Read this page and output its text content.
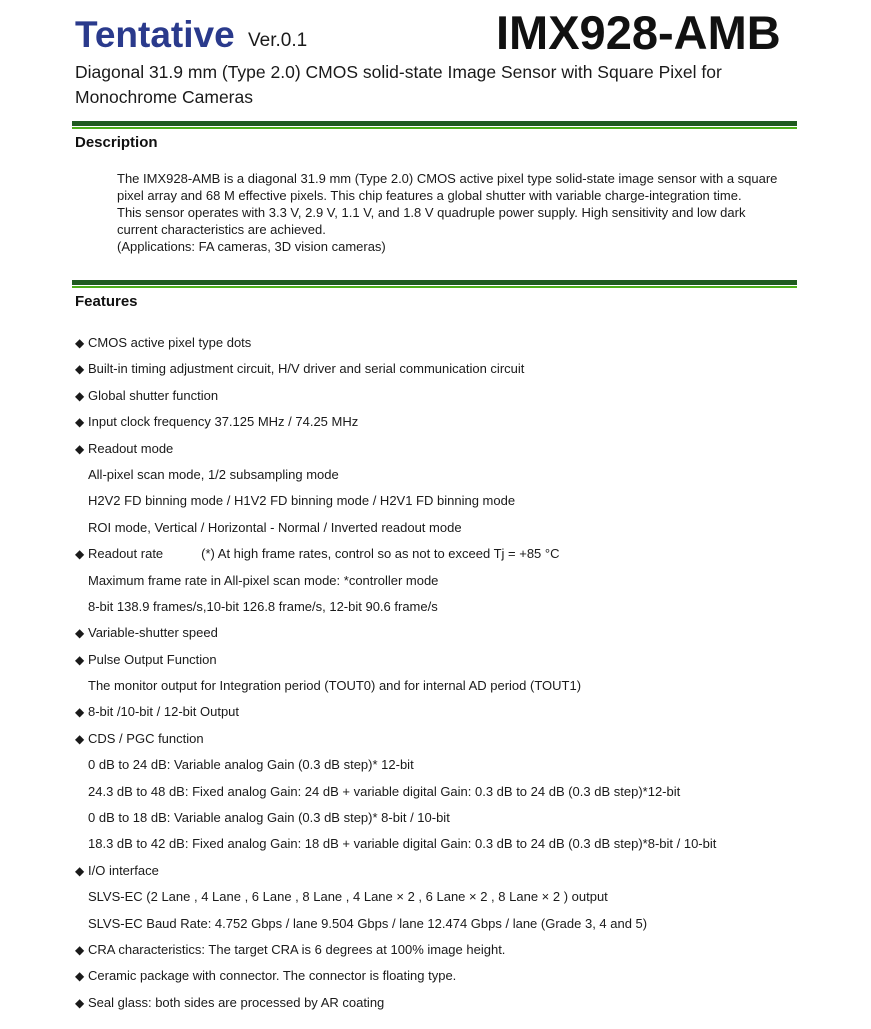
Tentative Ver.0.1	IMX928-AMB
Diagonal 31.9 mm (Type 2.0) CMOS solid-state Image Sensor with Square Pixel for
Monochrome Cameras
Description

The IMX928-AMB is a diagonal 31.9 mm (Type 2.0) CMOS active pixel type solid-state image sensor with a square

pixel array and 68 M effective pixels. This chip features a global shutter with variable charge-integration time.

This sensor operates with 3.3 V, 2.9 V, 1.1 V, and 1.8 V quadruple power supply. High sensitivity and low dark

current characteristics are achieved.

(Applications: FA cameras, 3D vision cameras)

Features
◆ CMOS active pixel type dots
◆ Built-in timing adjustment circuit, H/V driver and serial communication circuit
◆ Global shutter function
◆ Input clock frequency 37.125 MHz / 74.25 MHz
◆ Readout mode
All-pixel scan mode, 1/2 subsampling mode
H2V2 FD binning mode / H1V2 FD binning mode / H2V1 FD binning mode
ROI mode, Vertical / Horizontal - Normal / Inverted readout mode
◆ Readout rate	(*) At high frame rates, control so as not to exceed Tj = +85 °C
Maximum frame rate in All-pixel scan mode: *controller mode
8-bit 138.9 frames/s,10-bit 126.8 frame/s, 12-bit 90.6 frame/s
◆ Variable-shutter speed
◆ Pulse Output Function
The monitor output for Integration period (TOUT0) and for internal AD period (TOUT1)
◆ 8-bit /10-bit / 12-bit Output
◆ CDS / PGC function
0 dB to 24 dB: Variable analog Gain (0.3 dB step)* 12-bit
24.3 dB to 48 dB: Fixed analog Gain: 24 dB + variable digital Gain: 0.3 dB to 24 dB (0.3 dB step)*12-bit
0 dB to 18 dB: Variable analog Gain (0.3 dB step)* 8-bit / 10-bit
18.3 dB to 42 dB: Fixed analog Gain: 18 dB + variable digital Gain: 0.3 dB to 24 dB (0.3 dB step)*8-bit / 10-bit
◆ I/O interface
SLVS-EC (2 Lane , 4 Lane , 6 Lane , 8 Lane , 4 Lane × 2 , 6 Lane × 2 , 8 Lane × 2 ) output
SLVS-EC Baud Rate: 4.752 Gbps / lane 9.504 Gbps / lane 12.474 Gbps / lane (Grade 3, 4 and 5)
◆ CRA characteristics: The target CRA is 6 degrees at 100% image height.
◆ Ceramic package with connector. The connector is floating type.
◆ Seal glass: both sides are processed by AR coating
